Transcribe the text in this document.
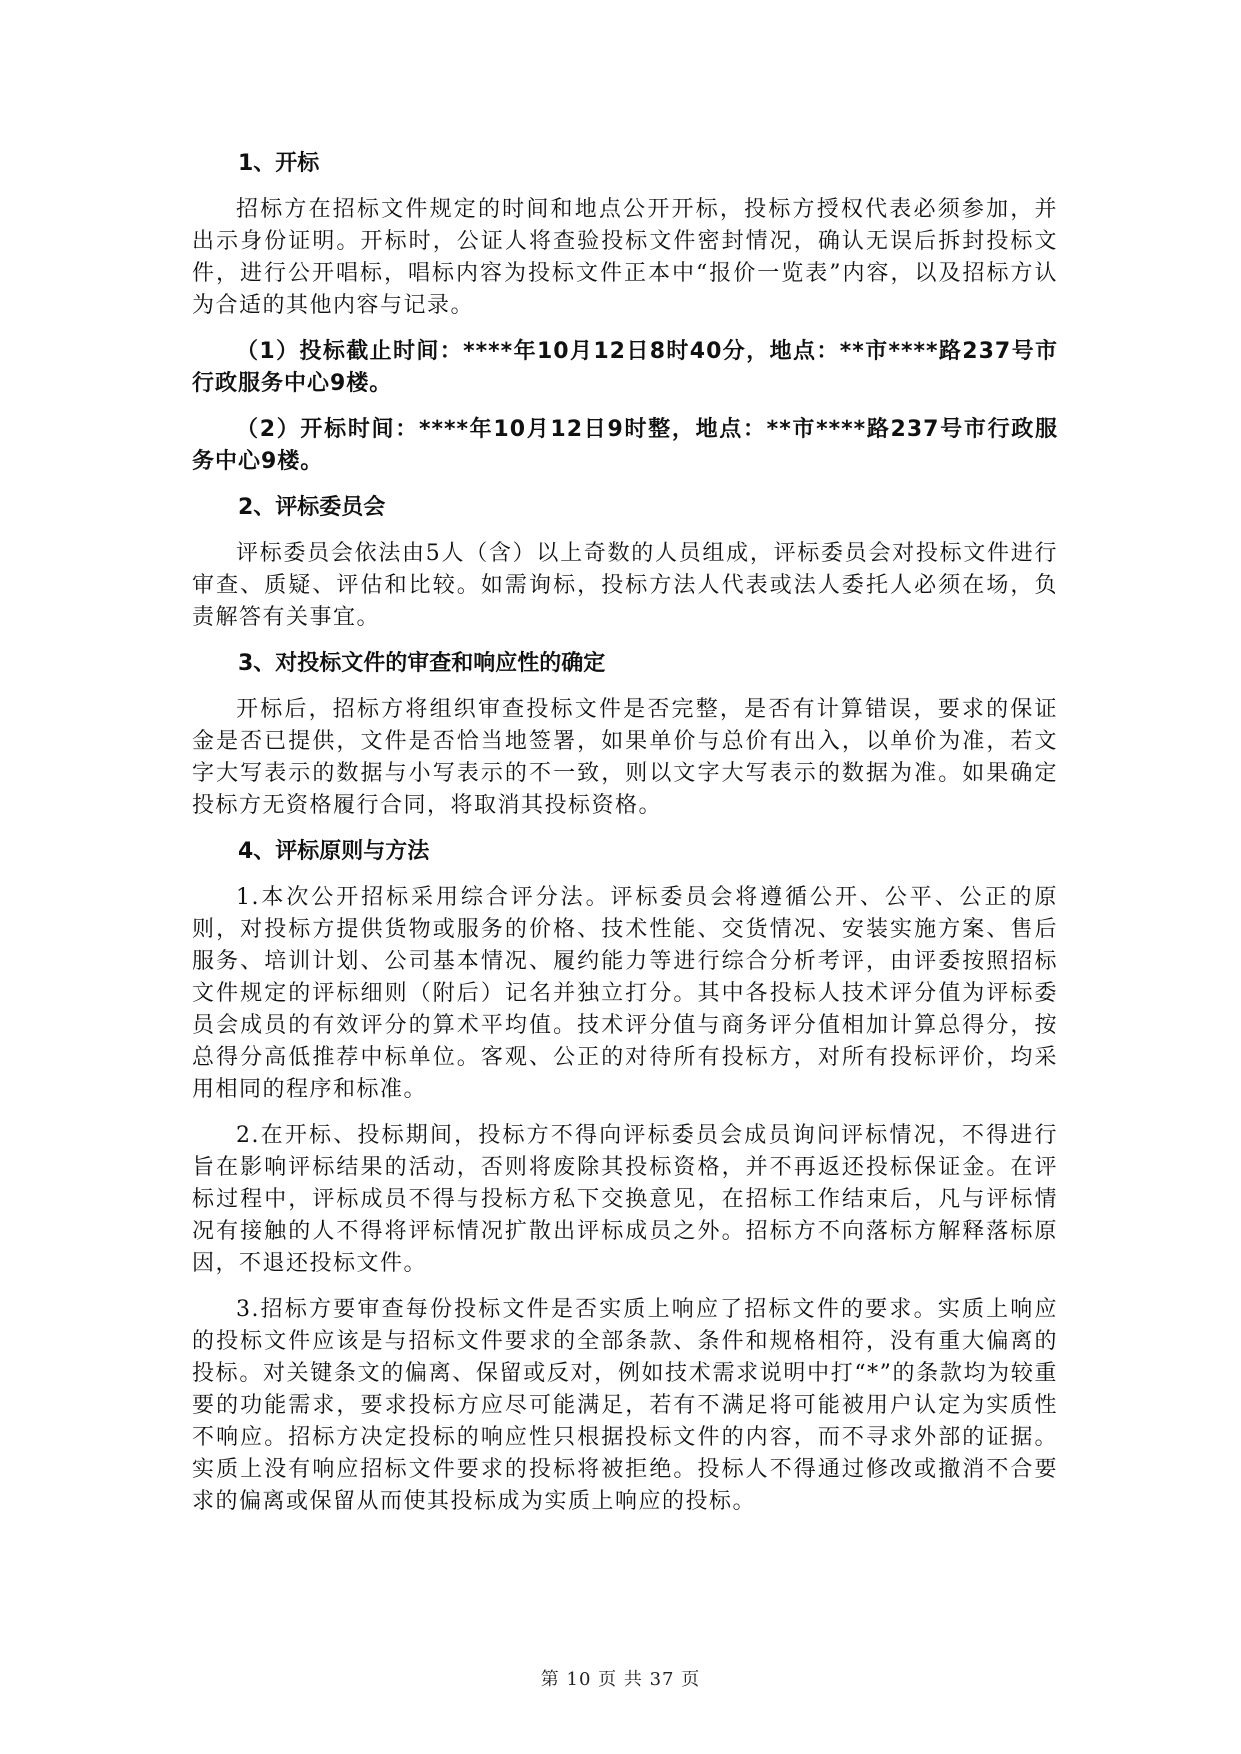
1、开标

招标方在招标文件规定的时间和地点公开开标，投标方授权代表必须参加，并出示身份证明。开标时，公证人将查验投标文件密封情况，确认无误后拆封投标文件，进行公开唱标，唱标内容为投标文件正本中“报价一览表”内容，以及招标方认为合适的其他内容与记录。

（1）投标截止时间：****年10月12日8时40分，地点：**市****路237号市行政服务中心9楼。

（2）开标时间：****年10月12日9时整，地点：**市****路237号市行政服务中心9楼。

2、评标委员会

评标委员会依法由5人（含）以上奇数的人员组成，评标委员会对投标文件进行审查、质疑、评估和比较。如需询标，投标方法人代表或法人委托人必须在场，负责解答有关事宜。

3、对投标文件的审查和响应性的确定

开标后，招标方将组织审查投标文件是否完整，是否有计算错误，要求的保证金是否已提供，文件是否恰当地签署，如果单价与总价有出入，以单价为准，若文字大写表示的数据与小写表示的不一致，则以文字大写表示的数据为准。如果确定投标方无资格履行合同，将取消其投标资格。

4、评标原则与方法

1.本次公开招标采用综合评分法。评标委员会将遵循公开、公平、公正的原则，对投标方提供货物或服务的价格、技术性能、交货情况、安装实施方案、售后服务、培训计划、公司基本情况、履约能力等进行综合分析考评，由评委按照招标文件规定的评标细则（附后）记名并独立打分。其中各投标人技术评分值为评标委员会成员的有效评分的算术平均值。技术评分值与商务评分值相加计算总得分，按总得分高低推荐中标单位。客观、公正的对待所有投标方，对所有投标评价，均采用相同的程序和标准。

2.在开标、投标期间，投标方不得向评标委员会成员询问评标情况，不得进行旨在影响评标结果的活动，否则将废除其投标资格，并不再返还投标保证金。在评标过程中，评标成员不得与投标方私下交换意见，在招标工作结束后，凡与评标情况有接触的人不得将评标情况扩散出评标成员之外。招标方不向落标方解释落标原因，不退还投标文件。

3.招标方要审查每份投标文件是否实质上响应了招标文件的要求。实质上响应的投标文件应该是与招标文件要求的全部条款、条件和规格相符，没有重大偏离的投标。对关键条文的偏离、保留或反对，例如技术需求说明中打“*”的条款均为较重要的功能需求，要求投标方应尽可能满足，若有不满足将可能被用户认定为实质性不响应。招标方决定投标的响应性只根据投标文件的内容，而不寻求外部的证据。实质上没有响应招标文件要求的投标将被拒绝。投标人不得通过修改或撤消不合要求的偏离或保留从而使其投标成为实质上响应的投标。

第 10 页 共 37 页
